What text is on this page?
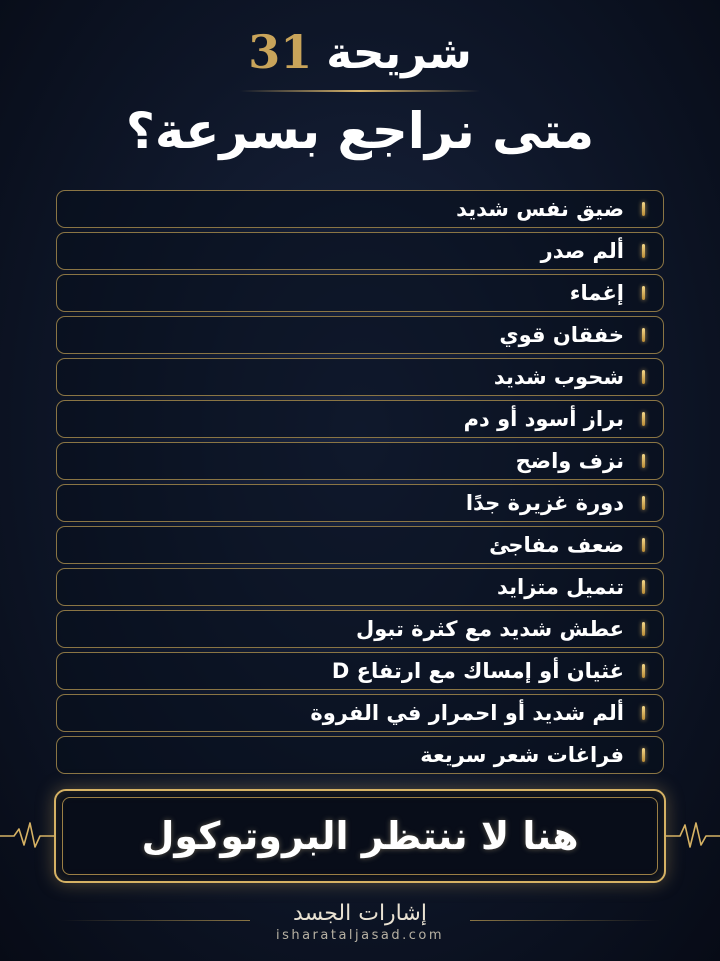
شريحة
31
متى نراجع بسرعة؟
ضيق نفس شديد
ألم صدر
إغماء
خفقان قوي
شحوب شديد
براز أسود أو دم
نزف واضح
دورة غزيرة جدًا
ضعف مفاجئ
تنميل متزايد
عطش شديد مع كثرة تبول
غثيان أو إمساك مع ارتفاع D
ألم شديد أو احمرار في الفروة
فراغات شعر سريعة
هنا لا ننتظر البروتوكول
إشارات الجسد
isharataljasad.com
